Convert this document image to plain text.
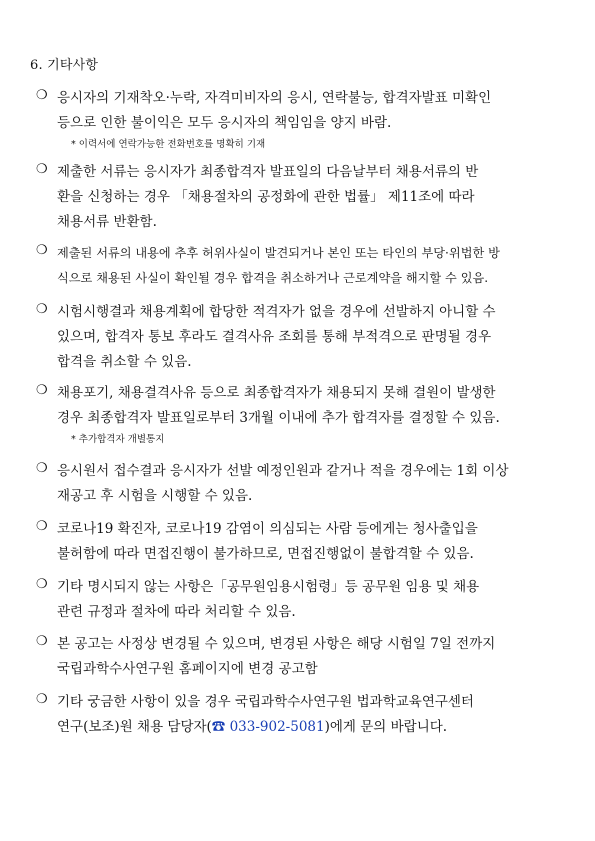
6. 기타사항
❍ 응시자의 기재착오·누락, 자격미비자의 응시, 연락불능, 합격자발표 미확인
등으로 인한 불이익은 모두 응시자의 책임임을 양지 바람.
* 이력서에 연락가능한 전화번호를 명확히 기재
❍ 제출한 서류는 응시자가 최종합격자 발표일의 다음날부터 채용서류의 반
환을 신청하는 경우 「채용절차의 공정화에 관한 법률」 제11조에 따라
채용서류 반환함.
❍ 제출된 서류의 내용에 추후 허위사실이 발견되거나 본인 또는 타인의 부당·위법한 방
식으로 채용된 사실이 확인될 경우 합격을 취소하거나 근로계약을 해지할 수 있음.
❍ 시험시행결과 채용계획에 합당한 적격자가 없을 경우에 선발하지 아니할 수
있으며, 합격자 통보 후라도 결격사유 조회를 통해 부적격으로 판명될 경우
합격을 취소할 수 있음.
❍ 채용포기, 채용결격사유 등으로 최종합격자가 채용되지 못해 결원이 발생한
경우 최종합격자 발표일로부터 3개월 이내에 추가 합격자를 결정할 수 있음.
* 추가합격자 개별통지
❍ 응시원서 접수결과 응시자가 선발 예정인원과 같거나 적을 경우에는 1회 이상
재공고 후 시험을 시행할 수 있음.
❍ 코로나19 확진자, 코로나19 감염이 의심되는 사람 등에게는 청사출입을
불허함에 따라 면접진행이 불가하므로, 면접진행없이 불합격할 수 있음.
❍ 기타 명시되지 않는 사항은「공무원임용시험령」등 공무원 임용 및 채용
관련 규정과 절차에 따라 처리할 수 있음.
❍ 본 공고는 사정상 변경될 수 있으며, 변경된 사항은 해당 시험일 7일 전까지
국립과학수사연구원 홈페이지에 변경 공고함
❍ 기타 궁금한 사항이 있을 경우 국립과학수사연구원 법과학교육연구센터
연구(보조)원 채용 담당자(☎ 033-902-5081)에게 문의 바랍니다.
